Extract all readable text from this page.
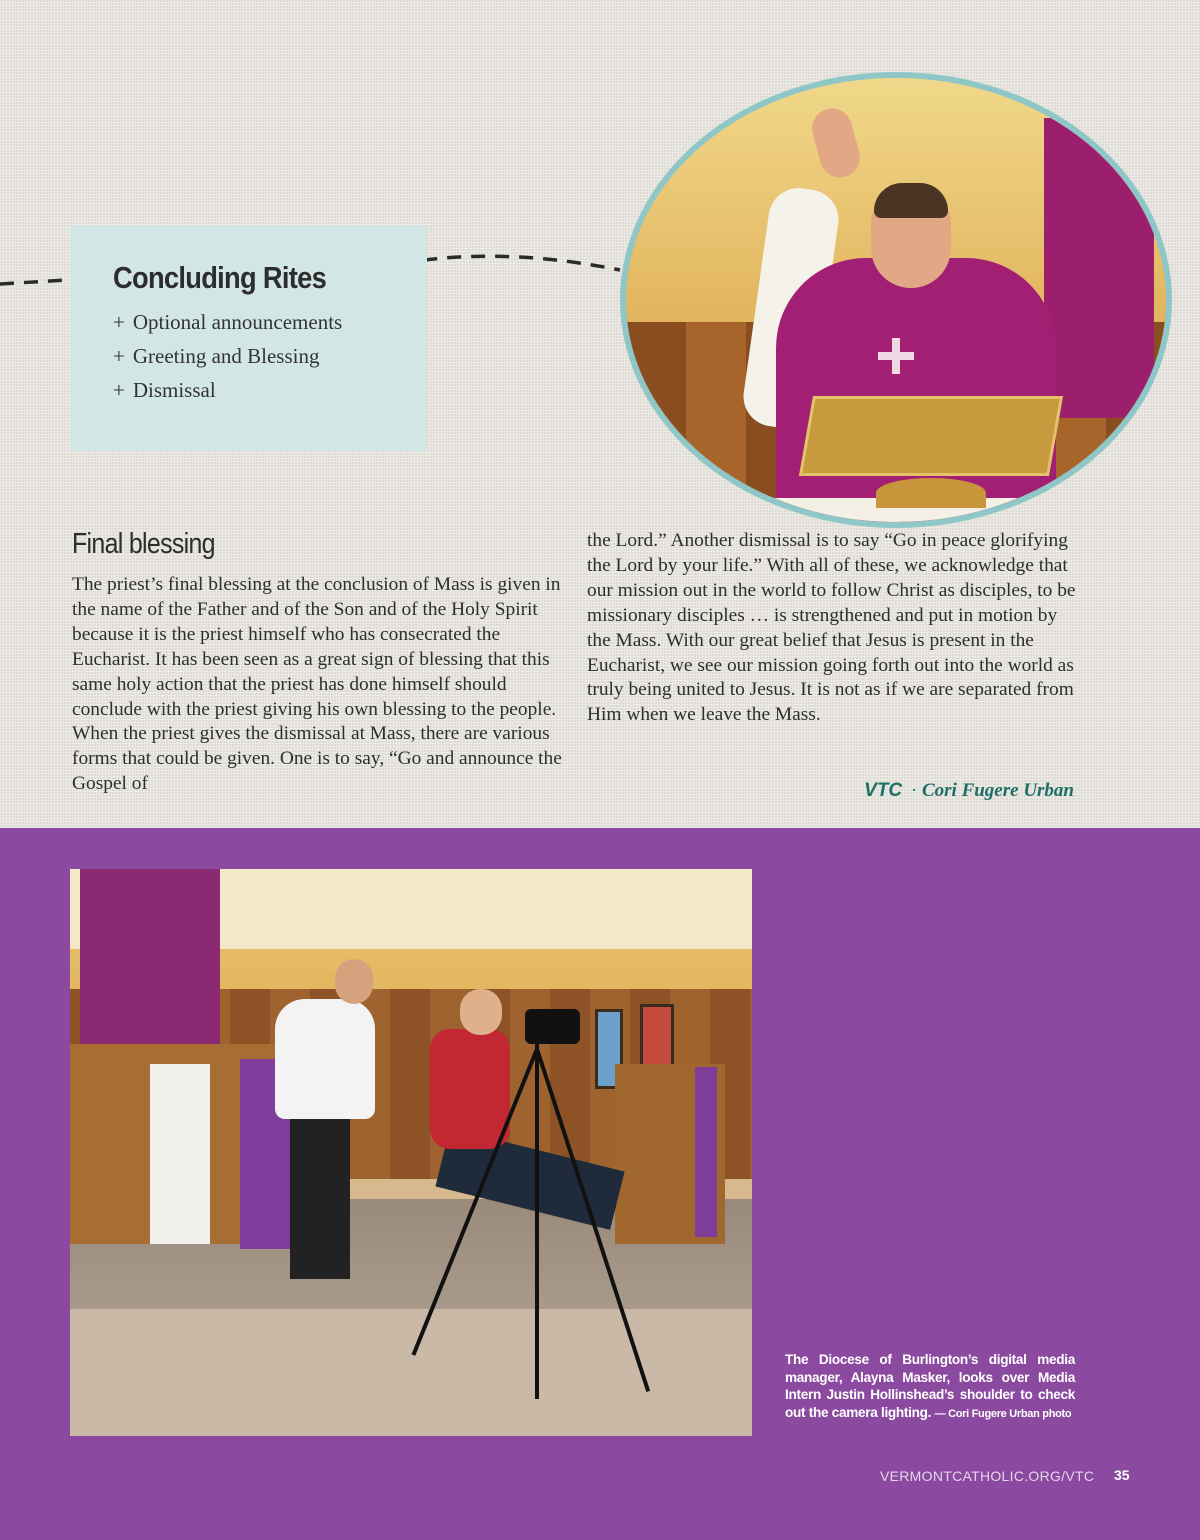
Concluding Rites
+ Optional announcements
+ Greeting and Blessing
+ Dismissal
Final blessing

The priest’s final blessing at the conclusion of Mass is given in the name of the Father and of the Son and of the Holy Spirit because it is the priest himself who has consecrated the Eucharist. It has been seen as a great sign of blessing that this same holy action that the priest has done himself should conclude with the priest giving his own blessing to the people. When the priest gives the dismissal at Mass, there are various forms that could be given. One is to say, “Go and announce the Gospel of

the Lord.” Another dismissal is to say “Go in peace glorifying the Lord by your life.” With all of these, we acknowledge that our mission out in the world to follow Christ as disciples, to be missionary disciples … is strengthened and put in motion by the Mass. With our great belief that Jesus is present in the Eucharist, we see our mission going forth out into the world as truly being united to Jesus. It is not as if we are separated from Him when we leave the Mass.

VTC · Cori Fugere Urban
The Diocese of Burlington’s digital media manager, Alayna Masker, looks over Media Intern Justin Hollinshead’s shoulder to check out the camera lighting. — Cori Fugere Urban photo
VERMONTCATHOLIC.ORG/VTC 35
